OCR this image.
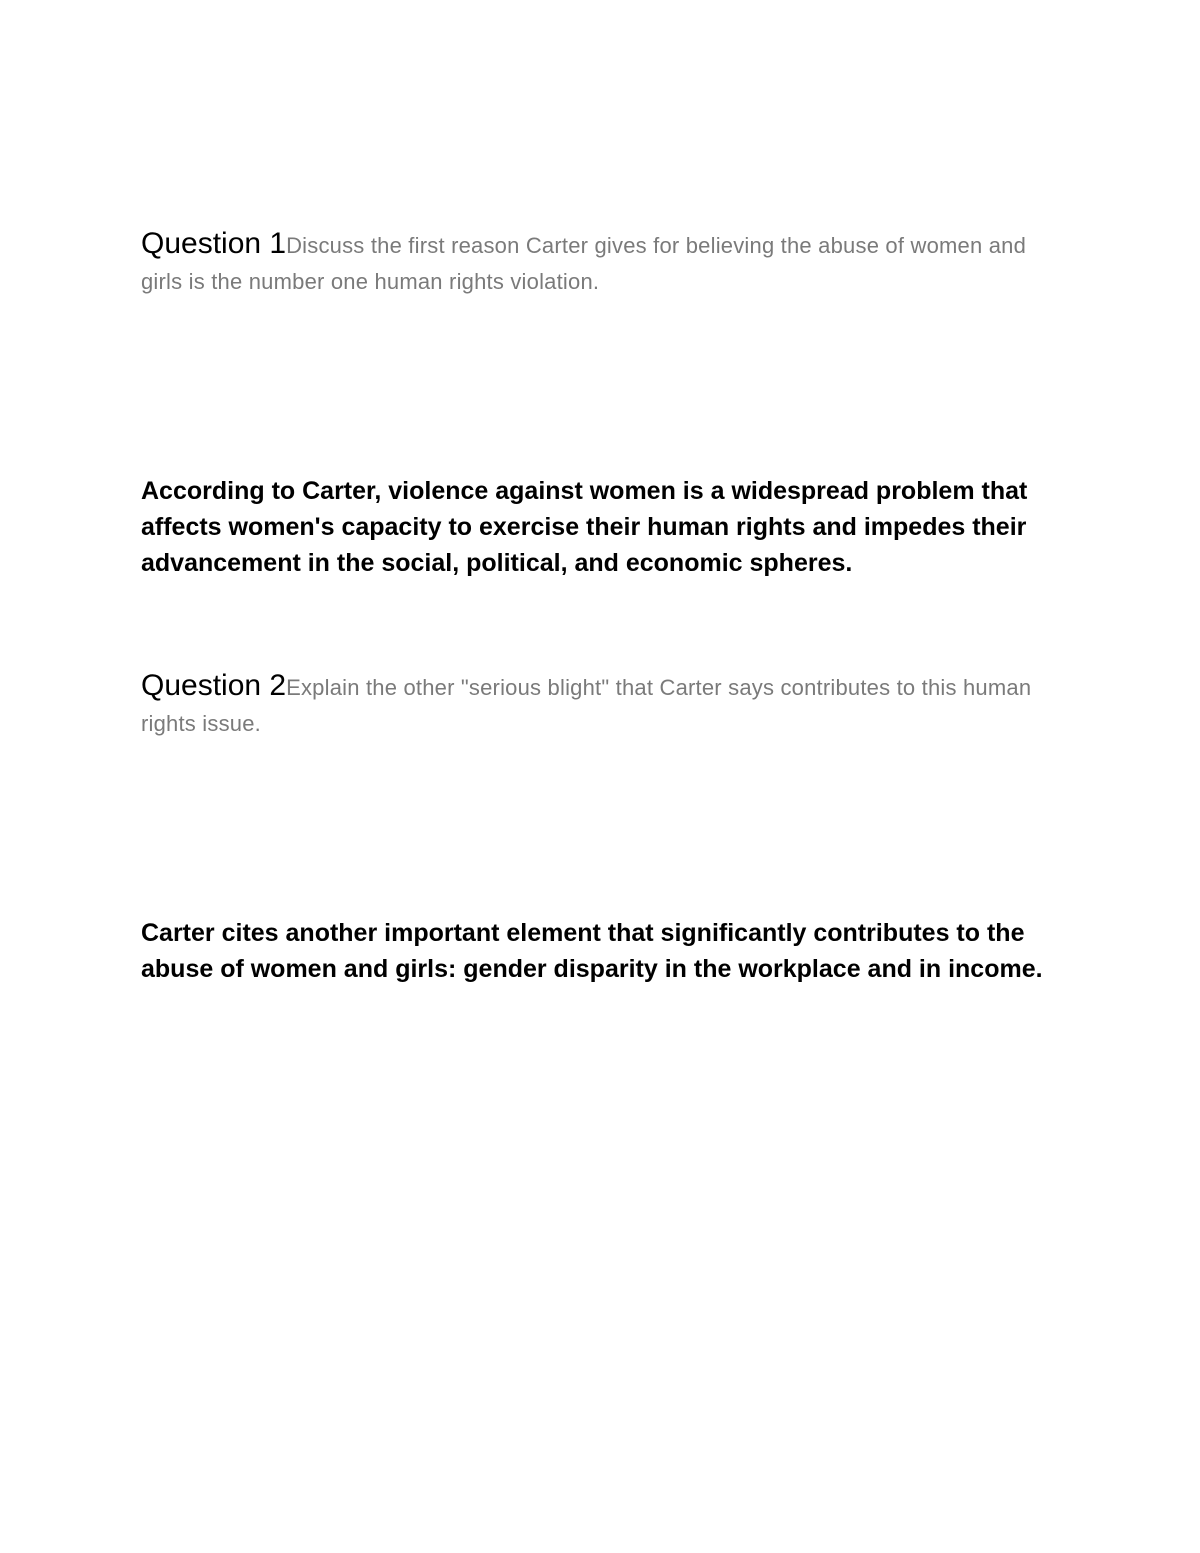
Question 1Discuss the first reason Carter gives for believing the abuse of women and girls is the number one human rights violation.
According to Carter, violence against women is a widespread problem that affects women's capacity to exercise their human rights and impedes their advancement in the social, political, and economic spheres.
Question 2Explain the other "serious blight" that Carter says contributes to this human rights issue.
Carter cites another important element that significantly contributes to the abuse of women and girls: gender disparity in the workplace and in income.
